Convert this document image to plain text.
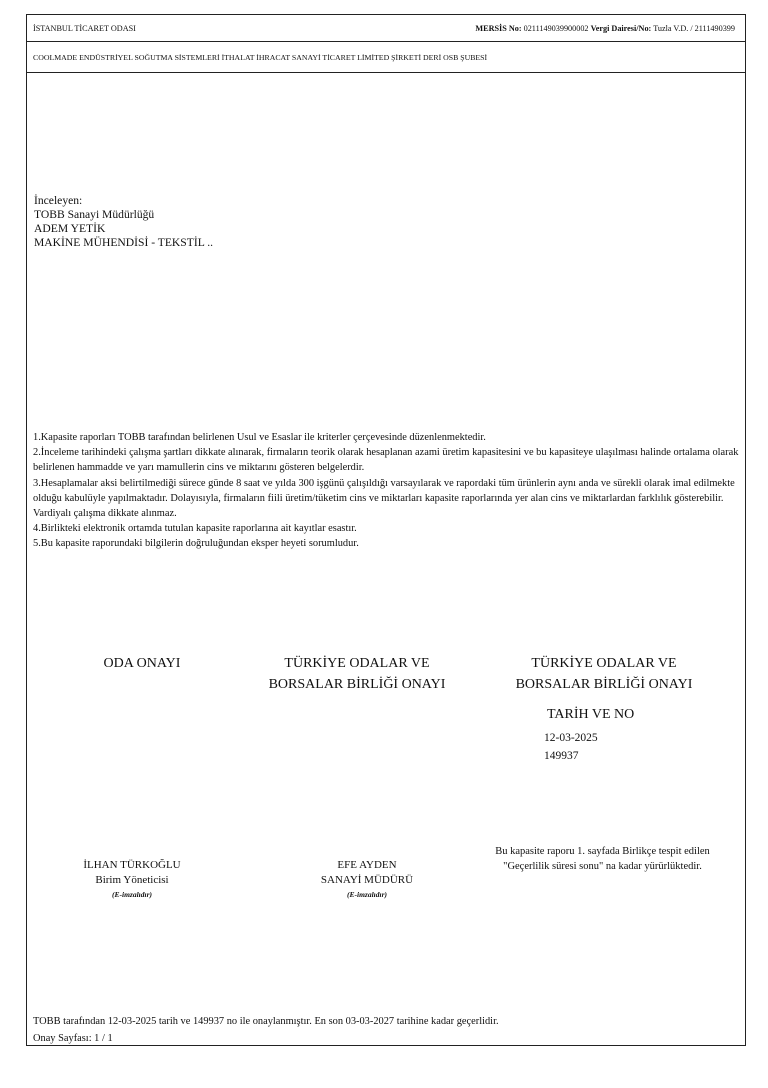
İSTANBUL TİCARET ODASI	MERSİS No: 0211149039900002 Vergi Dairesi/No: Tuzla V.D. / 2111490399
COOLMADE ENDÜSTRİYEL SOĞUTMA SİSTEMLERİ İTHALAT İHRACAT SANAYİ TİCARET LİMİTED ŞİRKETİ DERİ OSB ŞUBESİ
İnceleyen:
TOBB Sanayi Müdürlüğü
ADEM YETİK
MAKİNE MÜHENDİSİ - TEKSTİL ..

1.Kapasite raporları TOBB tarafından belirlenen Usul ve Esaslar ile kriterler çerçevesinde düzenlenmektedir.

2.İnceleme tarihindeki çalışma şartları dikkate alınarak, firmaların teorik olarak hesaplanan azami üretim kapasitesini ve bu kapasiteye ulaşılması halinde ortalama olarak belirlenen hammadde ve yarı mamullerin cins ve miktarını gösteren belgelerdir.

3.Hesaplamalar aksi belirtilmediği sürece günde 8 saat ve yılda 300 işgünü çalışıldığı varsayılarak ve rapordaki tüm ürünlerin aynı anda ve sürekli olarak imal edilmekte olduğu kabulüyle yapılmaktadır. Dolayısıyla, firmaların fiili üretim/tüketim cins ve miktarları kapasite raporlarında yer alan cins ve miktarlardan farklılık gösterebilir. Vardiyalı çalışma dikkate alınmaz.

4.Birlikteki elektronik ortamda tutulan kapasite raporlarına ait kayıtlar esastır.

5.Bu kapasite raporundaki bilgilerin doğruluğundan eksper heyeti sorumludur.

ODA ONAYI	TÜRKİYE ODALAR VE
BORSALAR BİRLİĞİ ONAYI
TÜRKİYE ODALAR VE
BORSALAR BİRLİĞİ ONAYI
TARİH VE NO
12-03-2025
149937
İLHAN TÜRKOĞLU
Birim Yöneticisi
(E-imzalıdır)
EFE AYDEN
SANAYİ MÜDÜRÜ
(E-imzalıdır)
Bu kapasite raporu 1. sayfada Birlikçe tespit edilen "Geçerlilik süresi sonu" na kadar yürürlüktedir.
TOBB tarafından 12-03-2025 tarih ve 149937 no ile onaylanmıştır. En son 03-03-2027 tarihine kadar geçerlidir.
Onay Sayfası: 1 / 1
